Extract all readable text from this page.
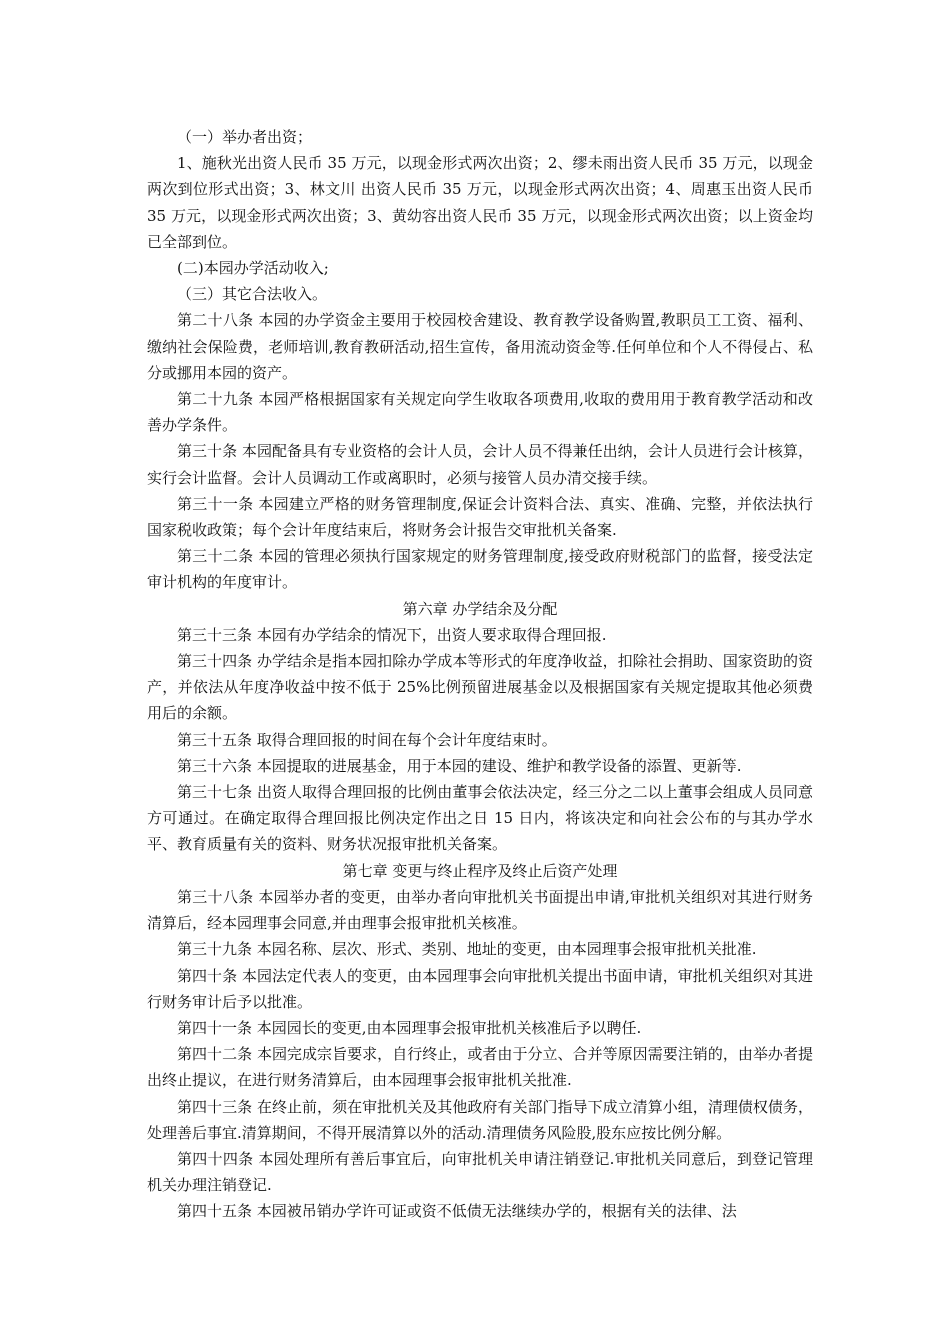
（一）举办者出资；

1、施秋光出资人民币 35 万元，以现金形式两次出资；2、缪未雨出资人民币 35 万元，以现金两次到位形式出资；3、林文川 出资人民币 35 万元，以现金形式两次出资；4、周惠玉出资人民币 35 万元，以现金形式两次出资；3、黄幼容出资人民币 35 万元，以现金形式两次出资；以上资金均已全部到位。

(二)本园办学活动收入;

（三）其它合法收入。

第二十八条 本园的办学资金主要用于校园校舍建设、教育教学设备购置,教职员工工资、福利、缴纳社会保险费，老师培训,教育教研活动,招生宣传，备用流动资金等.任何单位和个人不得侵占、私分或挪用本园的资产。

第二十九条 本园严格根据国家有关规定向学生收取各项费用,收取的费用用于教育教学活动和改善办学条件。

第三十条 本园配备具有专业资格的会计人员，会计人员不得兼任出纳，会计人员进行会计核算，实行会计监督。会计人员调动工作或离职时，必须与接管人员办清交接手续。

第三十一条 本园建立严格的财务管理制度,保证会计资料合法、真实、准确、完整，并依法执行国家税收政策；每个会计年度结束后，将财务会计报告交审批机关备案.

第三十二条 本园的管理必须执行国家规定的财务管理制度,接受政府财税部门的监督，接受法定审计机构的年度审计。

第六章 办学结余及分配

第三十三条 本园有办学结余的情况下，出资人要求取得合理回报.

第三十四条 办学结余是指本园扣除办学成本等形式的年度净收益，扣除社会捐助、国家资助的资产，并依法从年度净收益中按不低于 25%比例预留进展基金以及根据国家有关规定提取其他必须费用后的余额。

第三十五条 取得合理回报的时间在每个会计年度结束时。

第三十六条 本园提取的进展基金，用于本园的建设、维护和教学设备的添置、更新等.

第三十七条 出资人取得合理回报的比例由董事会依法决定，经三分之二以上董事会组成人员同意方可通过。在确定取得合理回报比例决定作出之日 15 日内，将该决定和向社会公布的与其办学水平、教育质量有关的资料、财务状况报审批机关备案。

第七章 变更与终止程序及终止后资产处理

第三十八条 本园举办者的变更，由举办者向审批机关书面提出申请,审批机关组织对其进行财务清算后，经本园理事会同意,并由理事会报审批机关核准。

第三十九条 本园名称、层次、形式、类别、地址的变更，由本园理事会报审批机关批准.

第四十条 本园法定代表人的变更，由本园理事会向审批机关提出书面申请，审批机关组织对其进行财务审计后予以批准。

第四十一条 本园园长的变更,由本园理事会报审批机关核准后予以聘任.

第四十二条 本园完成宗旨要求，自行终止，或者由于分立、合并等原因需要注销的，由举办者提出终止提议，在进行财务清算后，由本园理事会报审批机关批准.

第四十三条 在终止前，须在审批机关及其他政府有关部门指导下成立清算小组，清理债权债务，处理善后事宜.清算期间，不得开展清算以外的活动.清理债务风险股,股东应按比例分解。

第四十四条 本园处理所有善后事宜后，向审批机关申请注销登记.审批机关同意后，到登记管理机关办理注销登记.

第四十五条 本园被吊销办学许可证或资不低债无法继续办学的，根据有关的法律、法
